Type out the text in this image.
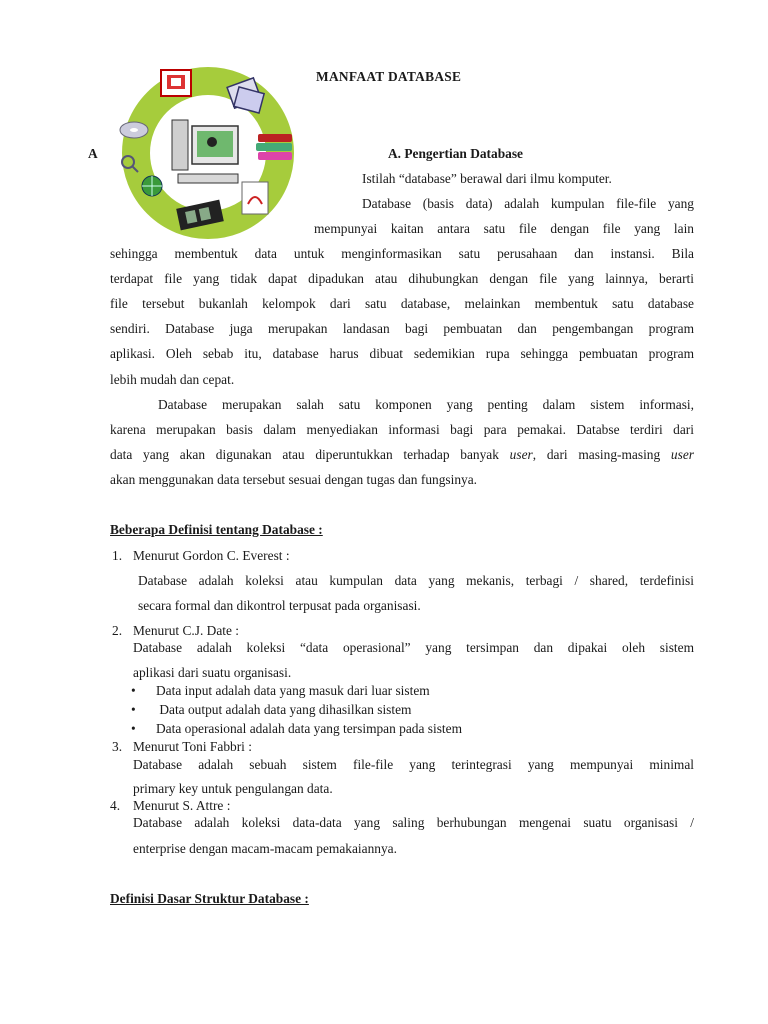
MANFAAT DATABASE
A	A. Pengertian Database
Istilah “database” berawal dari ilmu komputer.
Database (basis data) adalah kumpulan file-file yang
mempunyai kaitan antara satu file dengan file yang lain
sehingga membentuk data untuk menginformasikan satu perusahaan dan instansi. Bila
terdapat file yang tidak dapat dipadukan atau dihubungkan dengan file yang lainnya, berarti
file tersebut bukanlah kelompok dari satu database, melainkan membentuk satu database
sendiri. Database juga merupakan landasan bagi pembuatan dan pengembangan program
aplikasi. Oleh sebab itu, database harus dibuat sedemikian rupa sehingga pembuatan program
lebih mudah dan cepat.
Database merupakan salah satu komponen yang penting dalam sistem informasi,
karena merupakan basis dalam menyediakan informasi bagi para pemakai. Databse terdiri dari
data yang akan digunakan atau diperuntukkan terhadap banyak user, dari masing-masing user
akan menggunakan data tersebut sesuai dengan tugas dan fungsinya.
Beberapa Definisi tentang Database :
1. Menurut Gordon C. Everest :
Database adalah koleksi atau kumpulan data yang mekanis, terbagi / shared, terdefinisi
secara formal dan dikontrol terpusat pada organisasi.
2. Menurut C.J. Date :
Database adalah koleksi “data operasional” yang tersimpan dan dipakai oleh sistem
aplikasi dari suatu organisasi.
• Data input adalah data yang masuk dari luar sistem
• Data output adalah data yang dihasilkan sistem
• Data operasional adalah data yang tersimpan pada sistem
3. Menurut Toni Fabbri :
Database adalah sebuah sistem file-file yang terintegrasi yang mempunyai minimal
primary key untuk pengulangan data.
4. Menurut S. Attre :
Database adalah koleksi data-data yang saling berhubungan mengenai suatu organisasi /
enterprise dengan macam-macam pemakaiannya.
Definisi Dasar Struktur Database :
